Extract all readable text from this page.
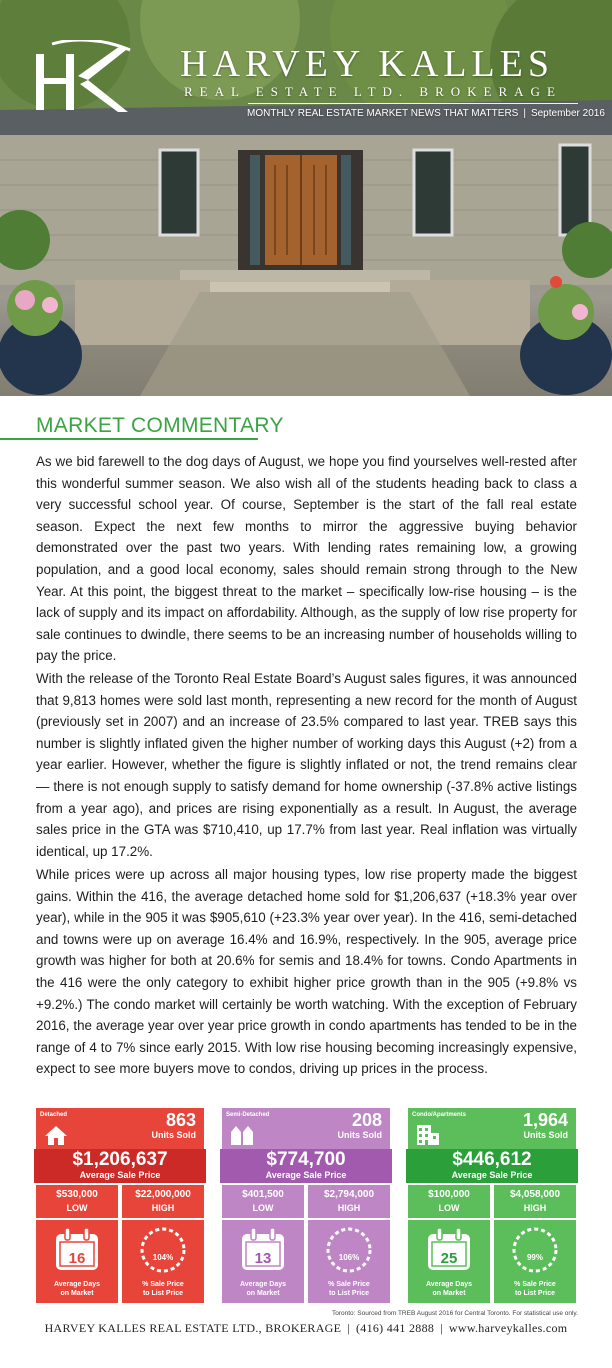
HARVEY KALLES
REAL ESTATE LTD. BROKERAGE
MONTHLY REAL ESTATE MARKET NEWS THAT MATTERS | September 2016
MARKET COMMENTARY

As we bid farewell to the dog days of August, we hope you find yourselves well-rested after this wonderful summer season. We also wish all of the students heading back to class a very successful school year. Of course, September is the start of the fall real estate season. Expect the next few months to mirror the aggressive buying behavior demonstrated over the past two years. With lending rates remaining low, a growing population, and a good local economy, sales should remain strong through to the New Year. At this point, the biggest threat to the market – specifically low-rise housing – is the lack of supply and its impact on affordability. Although, as the supply of low rise property for sale continues to dwindle, there seems to be an increasing number of households willing to pay the price.

With the release of the Toronto Real Estate Board’s August sales figures, it was announced that 9,813 homes were sold last month, representing a new record for the month of August (previously set in 2007) and an increase of 23.5% compared to last year. TREB says this number is slightly inflated given the higher number of working days this August (+2) from a year earlier. However, whether the figure is slightly inflated or not, the trend remains clear — there is not enough supply to satisfy demand for home ownership (-37.8% active listings from a year ago), and prices are rising exponentially as a result. In August, the average sales price in the GTA was $710,410, up 17.7% from last year. Real inflation was virtually identical, up 17.2%.

While prices were up across all major housing types, low rise property made the biggest gains. Within the 416, the average detached home sold for $1,206,637 (+18.3% year over year), while in the 905 it was $905,610 (+23.3% year over year). In the 416, semi-detached and towns were up on average 16.4% and 16.9%, respectively. In the 905, average price growth was higher for both at 20.6% for semis and 18.4% for towns. Condo Apartments in the 416 were the only category to exhibit higher price growth than in the 905 (+9.8% vs +9.2%.) The condo market will certainly be worth watching. With the exception of February 2016, the average year over year price growth in condo apartments has tended to be in the range of 4 to 7% since early 2015. With low rise housing becoming increasingly expensive, expect to see more buyers move to condos, driving up prices in the process.

Detached	863
Units Sold
$1,206,637
Average Sale Price
$530,000
LOW
$22,000,000
HIGH
16
Average Days
on Market
104%
% Sale Price
to List Price
Semi-Detached	208
Units Sold
$774,700
Average Sale Price
$401,500
LOW
$2,794,000
HIGH
13
Average Days
on Market
106%
% Sale Price
to List Price
Condo/Apartments	1,964
Units Sold
$446,612
Average Sale Price
$100,000
LOW
$4,058,000
HIGH
25
Average Days
on Market
99%
% Sale Price
to List Price
Toronto: Sourced from TREB August 2016 for Central Toronto. For statistical use only.
HARVEY KALLES REAL ESTATE LTD., BROKERAGE | (416) 441 2888 | www.harveykalles.com
